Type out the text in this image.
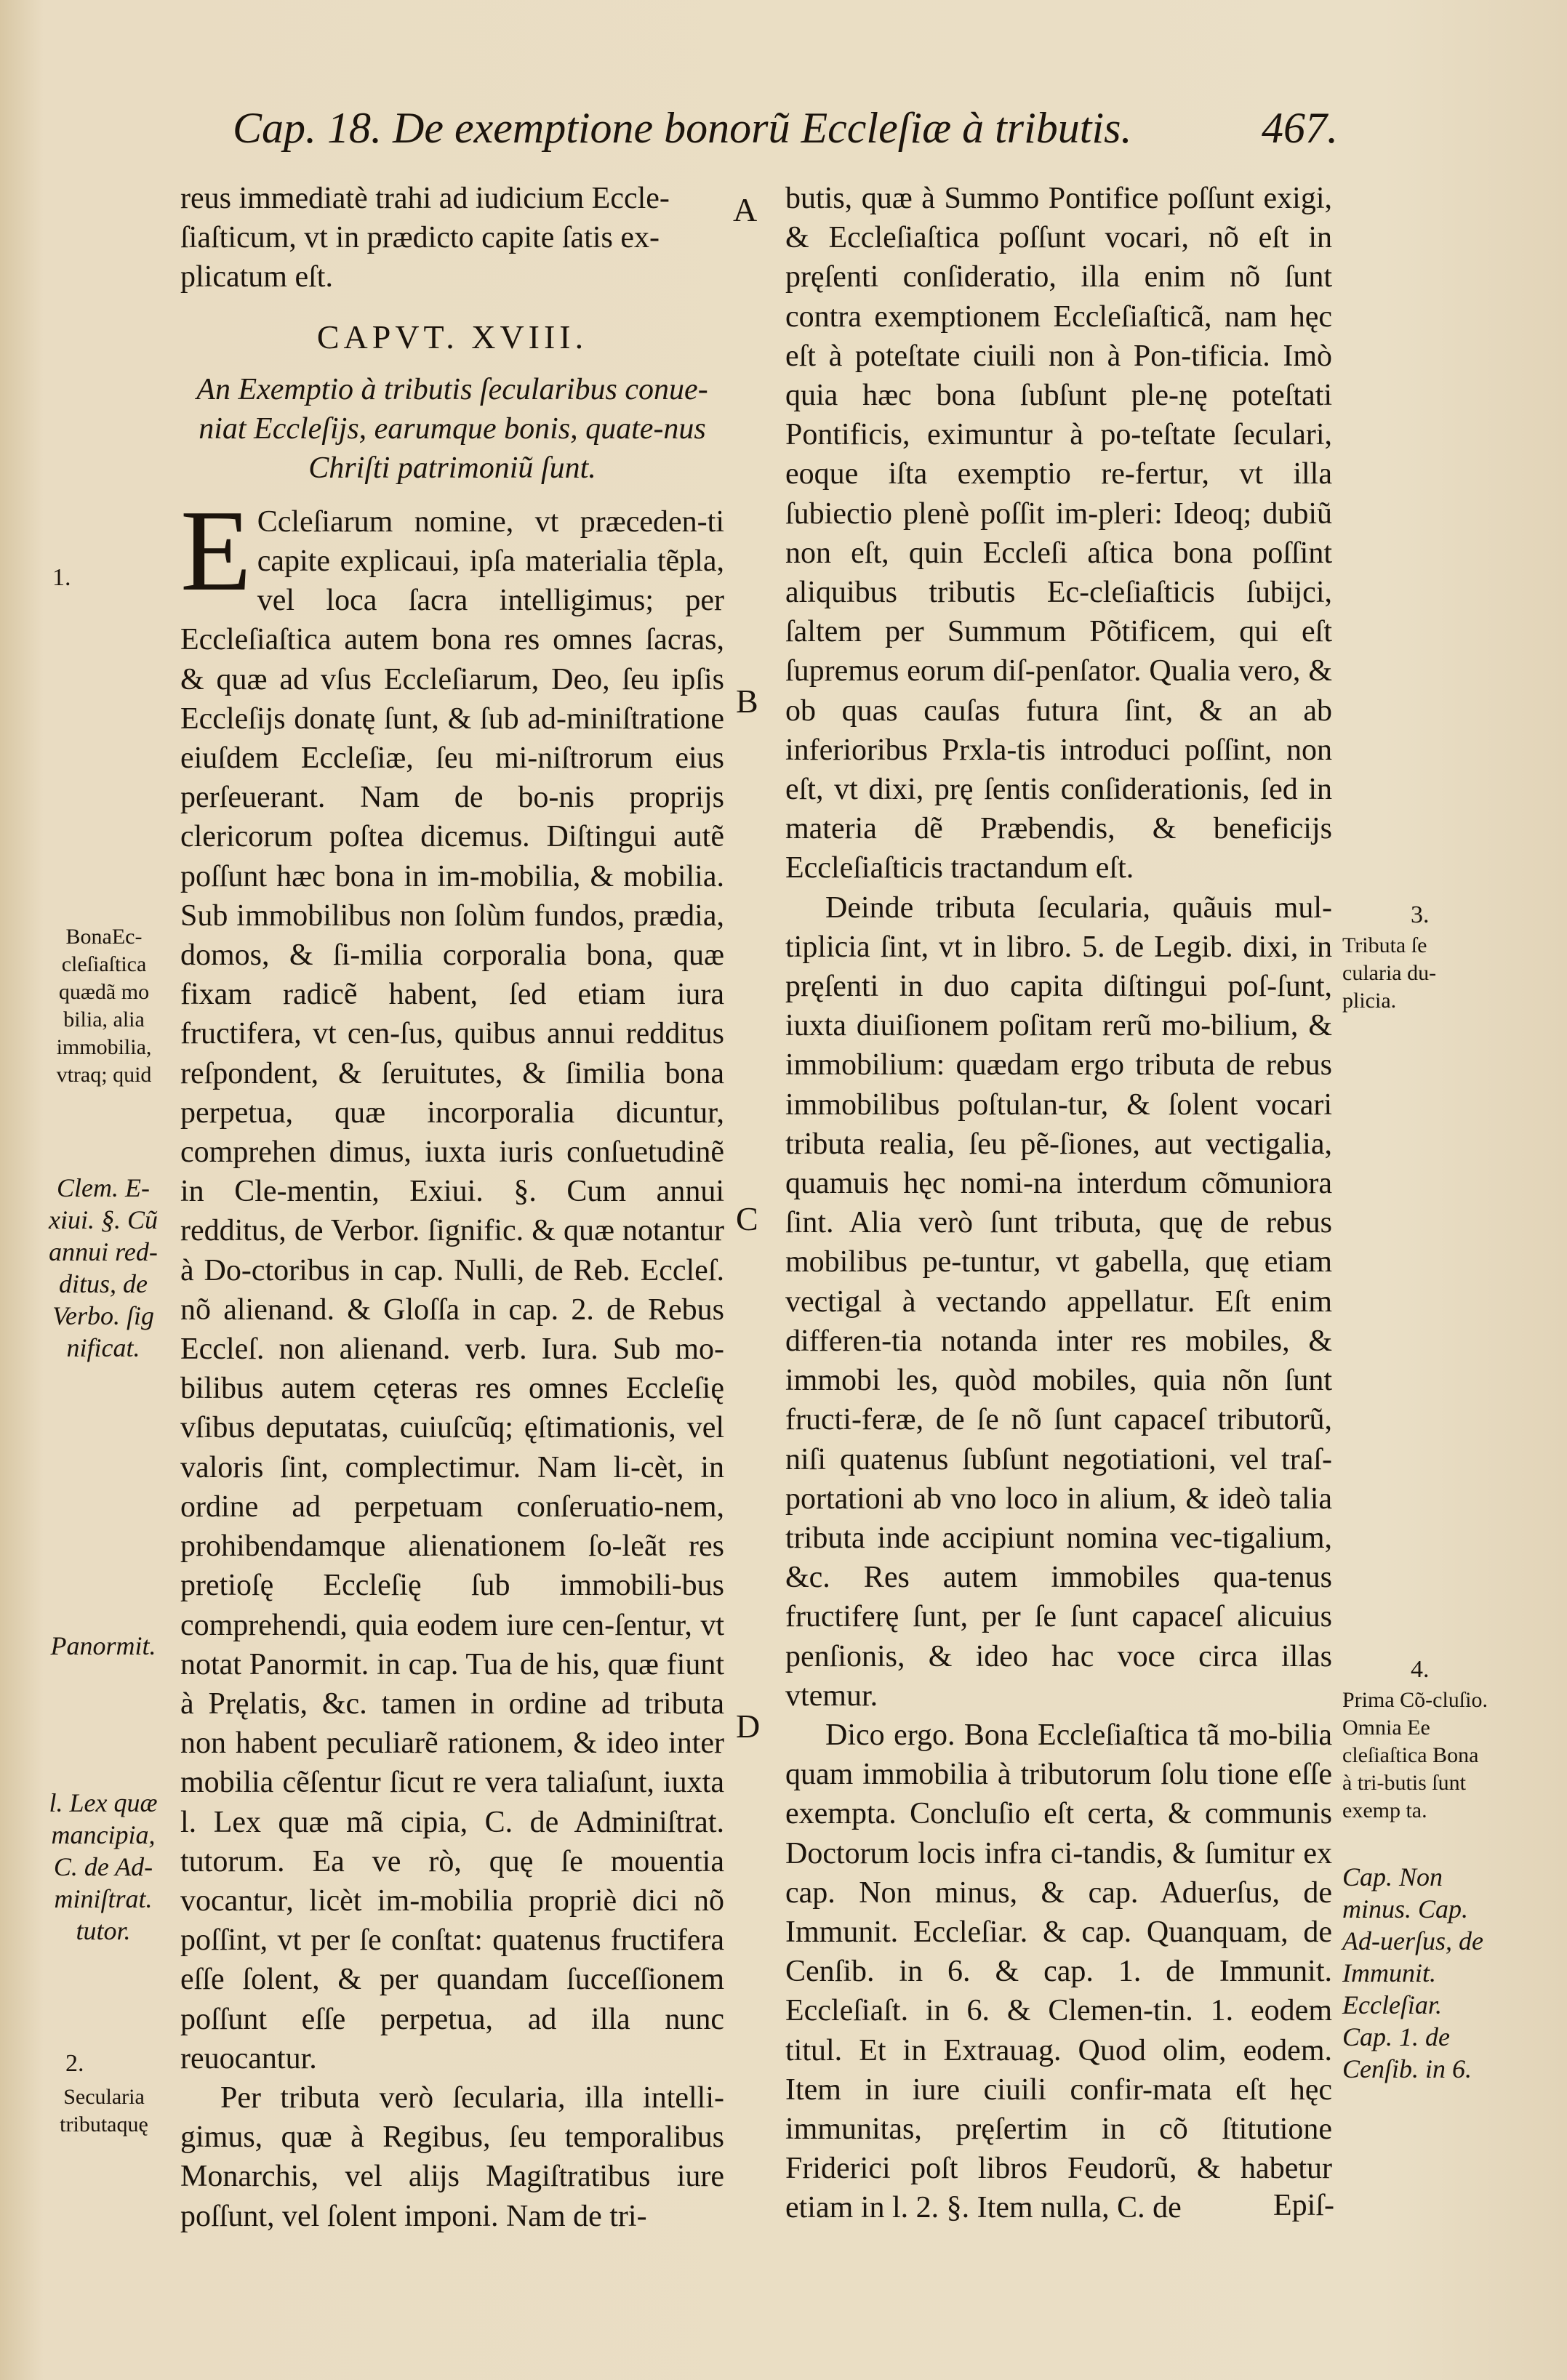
Cap. 18. De exemptione bonorũ Eccleſiæ à tributis.	467.

reus immediatè trahi ad iudicium Eccle-

ſiaſticum, vt in prædicto capite ſatis ex-

plicatum eſt.

CAPVT. XVIII.

An Exemptio à tributis ſecularibus conue-niat Eccleſijs, earumque bonis, quate-nus Chriſti patrimoniũ ſunt.

E Ccleſiarum nomine, vt præceden-ti capite explicaui, ipſa materialia tẽpla, vel loca ſacra intelligimus; per Eccleſiaſtica autem bona res omnes ſacras, & quæ ad vſus Eccleſiarum, Deo, ſeu ipſis Eccleſijs donatę ſunt, & ſub ad-miniſtratione eiuſdem Eccleſiæ, ſeu mi-niſtrorum eius perſeuerant. Nam de bo-nis proprijs clericorum poſtea dicemus. Diſtingui autẽ poſſunt hæc bona in im-mobilia, & mobilia. Sub immobilibus non ſolùm fundos, prædia, domos, & ſi-milia corporalia bona, quæ fixam radicẽ habent, ſed etiam iura fructifera, vt cen-ſus, quibus annui redditus reſpondent, & ſeruitutes, & ſimilia bona perpetua, quæ incorporalia dicuntur, comprehen dimus, iuxta iuris conſuetudinẽ in Cle-mentin, Exiui. §. Cum annui redditus, de Verbor. ſignific. & quæ notantur à Do-ctoribus in cap. Nulli, de Reb. Eccleſ. nõ alienand. & Gloſſa in cap. 2. de Rebus Eccleſ. non alienand. verb. Iura. Sub mo-bilibus autem cęteras res omnes Eccleſię vſibus deputatas, cuiuſcũq; ęſtimationis, vel valoris ſint, complectimur. Nam li-cèt, in ordine ad perpetuam conſeruatio-nem, prohibendamque alienationem ſo-leãt res pretioſę Eccleſię ſub immobili-bus comprehendi, quia eodem iure cen-ſentur, vt notat Panormit. in cap. Tua de his, quæ fiunt à Pręlatis, &c. tamen in ordine ad tributa non habent peculiarẽ rationem, & ideo inter mobilia cẽſentur ſicut re vera taliaſunt, iuxta l. Lex quæ mã cipia, C. de Adminiſtrat. tutorum. Ea ve rò, quę ſe mouentia vocantur, licèt im-mobilia propriè dici nõ poſſint, vt per ſe conſtat: quatenus fructifera eſſe ſolent, & per quandam ſucceſſionem poſſunt eſſe perpetua, ad illa nunc reuocantur.

Per tributa verò ſecularia, illa intelli-gimus, quæ à Regibus, ſeu temporalibus Monarchis, vel alijs Magiſtratibus iure poſſunt, vel ſolent imponi. Nam de tri-

butis, quæ à Summo Pontifice poſſunt exigi, & Eccleſiaſtica poſſunt vocari, nõ eſt in pręſenti conſideratio, illa enim nõ ſunt contra exemptionem Eccleſiaſticã, nam hęc eſt à poteſtate ciuili non à Pon-tificia. Imò quia hæc bona ſubſunt ple-nę poteſtati Pontificis, eximuntur à po-teſtate ſeculari, eoque iſta exemptio re-fertur, vt illa ſubiectio plenè poſſit im-pleri: Ideoq; dubiũ non eſt, quin Eccleſi aſtica bona poſſint aliquibus tributis Ec-cleſiaſticis ſubijci, ſaltem per Summum Põtificem, qui eſt ſupremus eorum diſ-penſator. Qualia vero, & ob quas cauſas futura ſint, & an ab inferioribus Prxla-tis introduci poſſint, non eſt, vt dixi, prę ſentis conſiderationis, ſed in materia dẽ Præbendis, & beneficijs Eccleſiaſticis tractandum eſt.

Deinde tributa ſecularia, quãuis mul-tiplicia ſint, vt in libro. 5. de Legib. dixi, in pręſenti in duo capita diſtingui poſ-ſunt, iuxta diuiſionem poſitam rerũ mo-bilium, & immobilium: quædam ergo tributa de rebus immobilibus poſtulan-tur, & ſolent vocari tributa realia, ſeu pẽ-ſiones, aut vectigalia, quamuis hęc nomi-na interdum cõmuniora ſint. Alia verò ſunt tributa, quę de rebus mobilibus pe-tuntur, vt gabella, quę etiam vectigal à vectando appellatur. Eſt enim differen-tia notanda inter res mobiles, & immobi les, quòd mobiles, quia nõn ſunt fructi-feræ, de ſe nõ ſunt capaceſ tributorũ, niſi quatenus ſubſunt negotiationi, vel traſ-portationi ab vno loco in alium, & ideò talia tributa inde accipiunt nomina vec-tigalium, &c. Res autem immobiles qua-tenus fructiferę ſunt, per ſe ſunt capaceſ alicuius penſionis, & ideo hac voce circa illas vtemur.

Dico ergo. Bona Eccleſiaſtica tã mo-bilia quam immobilia à tributorum ſolu tione eſſe exempta. Concluſio eſt certa, & communis Doctorum locis infra ci-tandis, & ſumitur ex cap. Non minus, & cap. Aduerſus, de Immunit. Eccleſiar. & cap. Quanquam, de Cenſib. in 6. & cap. 1. de Immunit. Eccleſiaſt. in 6. & Clemen-tin. 1. eodem titul. Et in Extrauag. Quod olim, eodem. Item in iure ciuili confir-mata eſt hęc immunitas, pręſertim in cõ ſtitutione Friderici poſt libros Feudorũ, & habetur etiam in l. 2. §. Item nulla, C. de	Epiſ-
A
B
C
D
1.
BonaEc-cleſiaſtica quædã mo bilia, alia immobilia, vtraq; quid
Clem. E-xiui. §. Cũ annui red-ditus, de Verbo. ſig nificat.
Panormit.
l. Lex quæ mancipia, C. de Ad-miniſtrat. tutor.
2.
Secularia tributaquę
3.
Tributa ſe cularia du-plicia.
4.
Prima Cõ-cluſio. Omnia Ee cleſiaſtica Bona à tri-butis ſunt exemp ta.
Cap. Non minus. Cap. Ad-uerſus, de Immunit. Eccleſiar. Cap. 1. de Cenſib. in 6.
